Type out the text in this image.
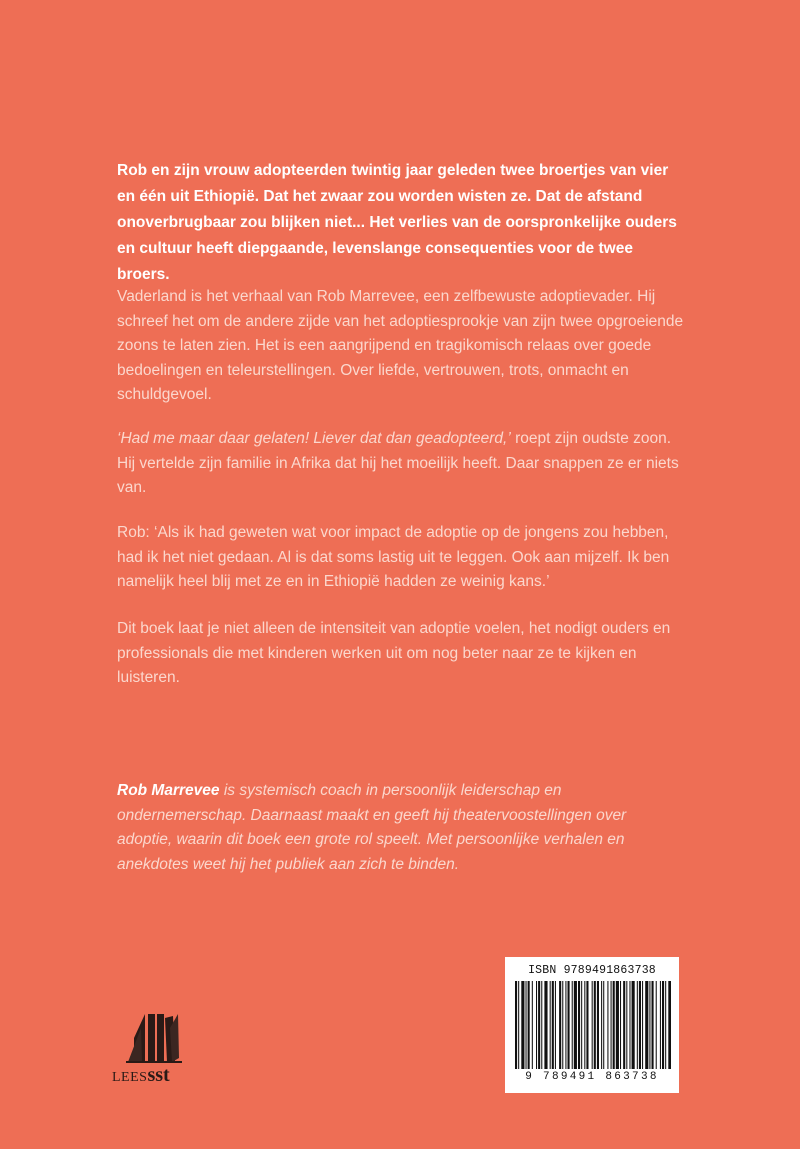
Rob en zijn vrouw adopteerden twintig jaar geleden twee broertjes van vier en één uit Ethiopië. Dat het zwaar zou worden wisten ze. Dat de afstand onoverbrugbaar zou blijken niet... Het verlies van de oorspronkelijke ouders en cultuur heeft diepgaande, levenslange consequenties voor de twee broers.

Vaderland is het verhaal van Rob Marrevee, een zelfbewuste adoptievader. Hij schreef het om de andere zijde van het adoptiesprookje van zijn twee opgroeiende zoons te laten zien. Het is een aangrijpend en tragikomisch relaas over goede bedoelingen en teleurstellingen. Over liefde, vertrouwen, trots, onmacht en schuldgevoel.

‘Had me maar daar gelaten! Liever dat dan geadopteerd,’ roept zijn oudste zoon. Hij vertelde zijn familie in Afrika dat hij het moeilijk heeft. Daar snappen ze er niets van.

Rob: ‘Als ik had geweten wat voor impact de adoptie op de jongens zou hebben, had ik het niet gedaan. Al is dat soms lastig uit te leggen. Ook aan mijzelf. Ik ben namelijk heel blij met ze en in Ethiopië hadden ze weinig kans.’

Dit boek laat je niet alleen de intensiteit van adoptie voelen, het nodigt ouders en professionals die met kinderen werken uit om nog beter naar ze te kijken en luisteren.

Rob Marrevee is systemisch coach in persoonlijk leiderschap en ondernemerschap. Daarnaast maakt en geeft hij theatervoostellingen over adoptie, waarin dit boek een grote rol speelt. Met persoonlijke verhalen en anekdotes weet hij het publiek aan zich te binden.

LEESsst
ISBN 9789491863738
9 789491 863738
